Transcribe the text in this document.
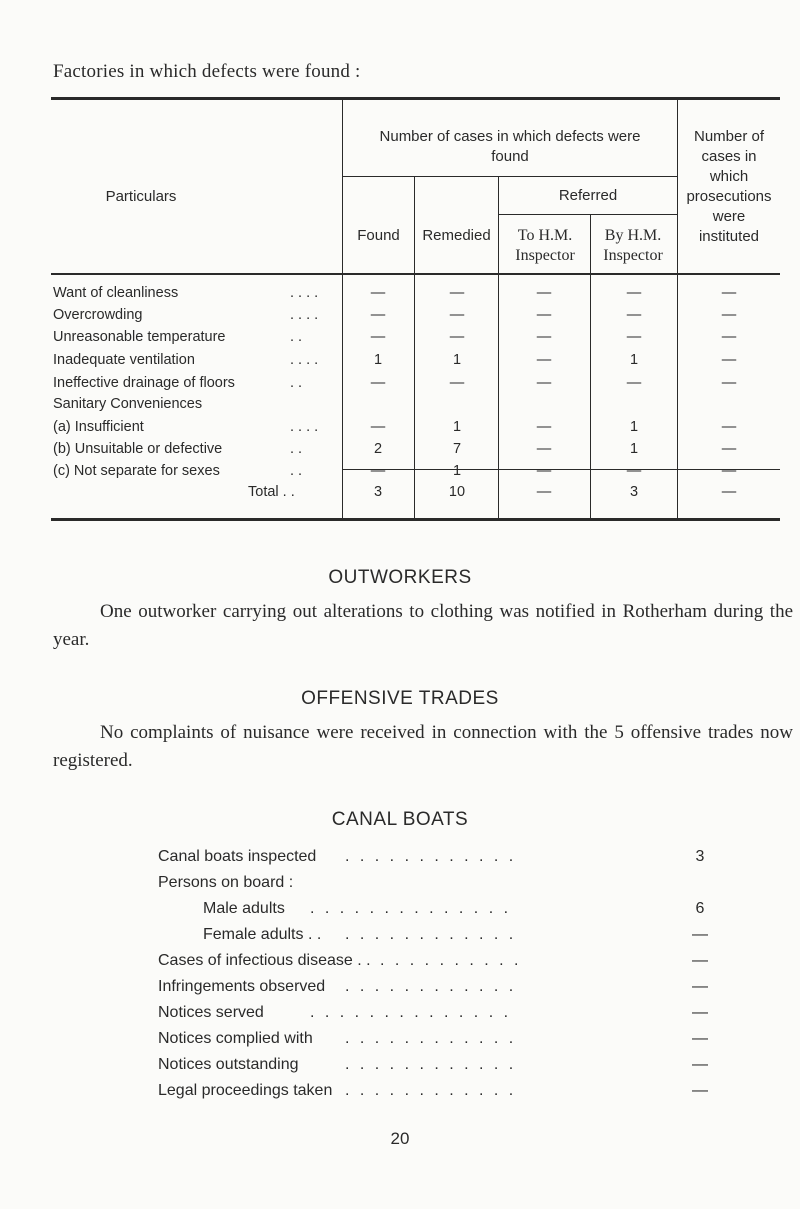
Factories in which defects were found :
Particulars
Number of cases in which defects were found
Found	Remedied
Referred
To H.M. Inspector
By H.M. Inspector
Number of cases in which prosecutions were instituted
Want of cleanliness	. . . .	—	—	—	—	—
Overcrowding	. . . .	—	—	—	—	—
Unreasonable temperature	. .	—	—	—	—	—
Inadequate ventilation	. . . .	1	1	—	1	—
Ineffective drainage of floors	. .	—	—	—	—	—
Sanitary Conveniences
(a) Insufficient	. . . .	—	1	—	1	—
(b) Unsuitable or defective	. .	2	7	—	1	—
(c) Not separate for sexes	. .	—	1	—	—	—
Total . .	3	10	—	3	—
OUTWORKERS
One outworker carrying out alterations to clothing was notified in Rotherham during the year.
OFFENSIVE TRADES
No complaints of nuisance were received in connection with the 5 offensive trades now registered.
CANAL BOATS
Canal boats inspected . . . . . . . . . . . .	3
Persons on board :
Male adults . . . . . . . . . . . . . .	6
Female adults . . . . . . . . . . . . . .	—
Cases of infectious disease . . . . . . . . . . . .	—
Infringements observed . . . . . . . . . . . .	—
Notices served	. . . . . . . . . . . . . .	—
Notices complied with . . . . . . . . . . . .	—
Notices outstanding	. . . . . . . . . . . .	—
Legal proceedings taken . . . . . . . . . . . .	—
20
